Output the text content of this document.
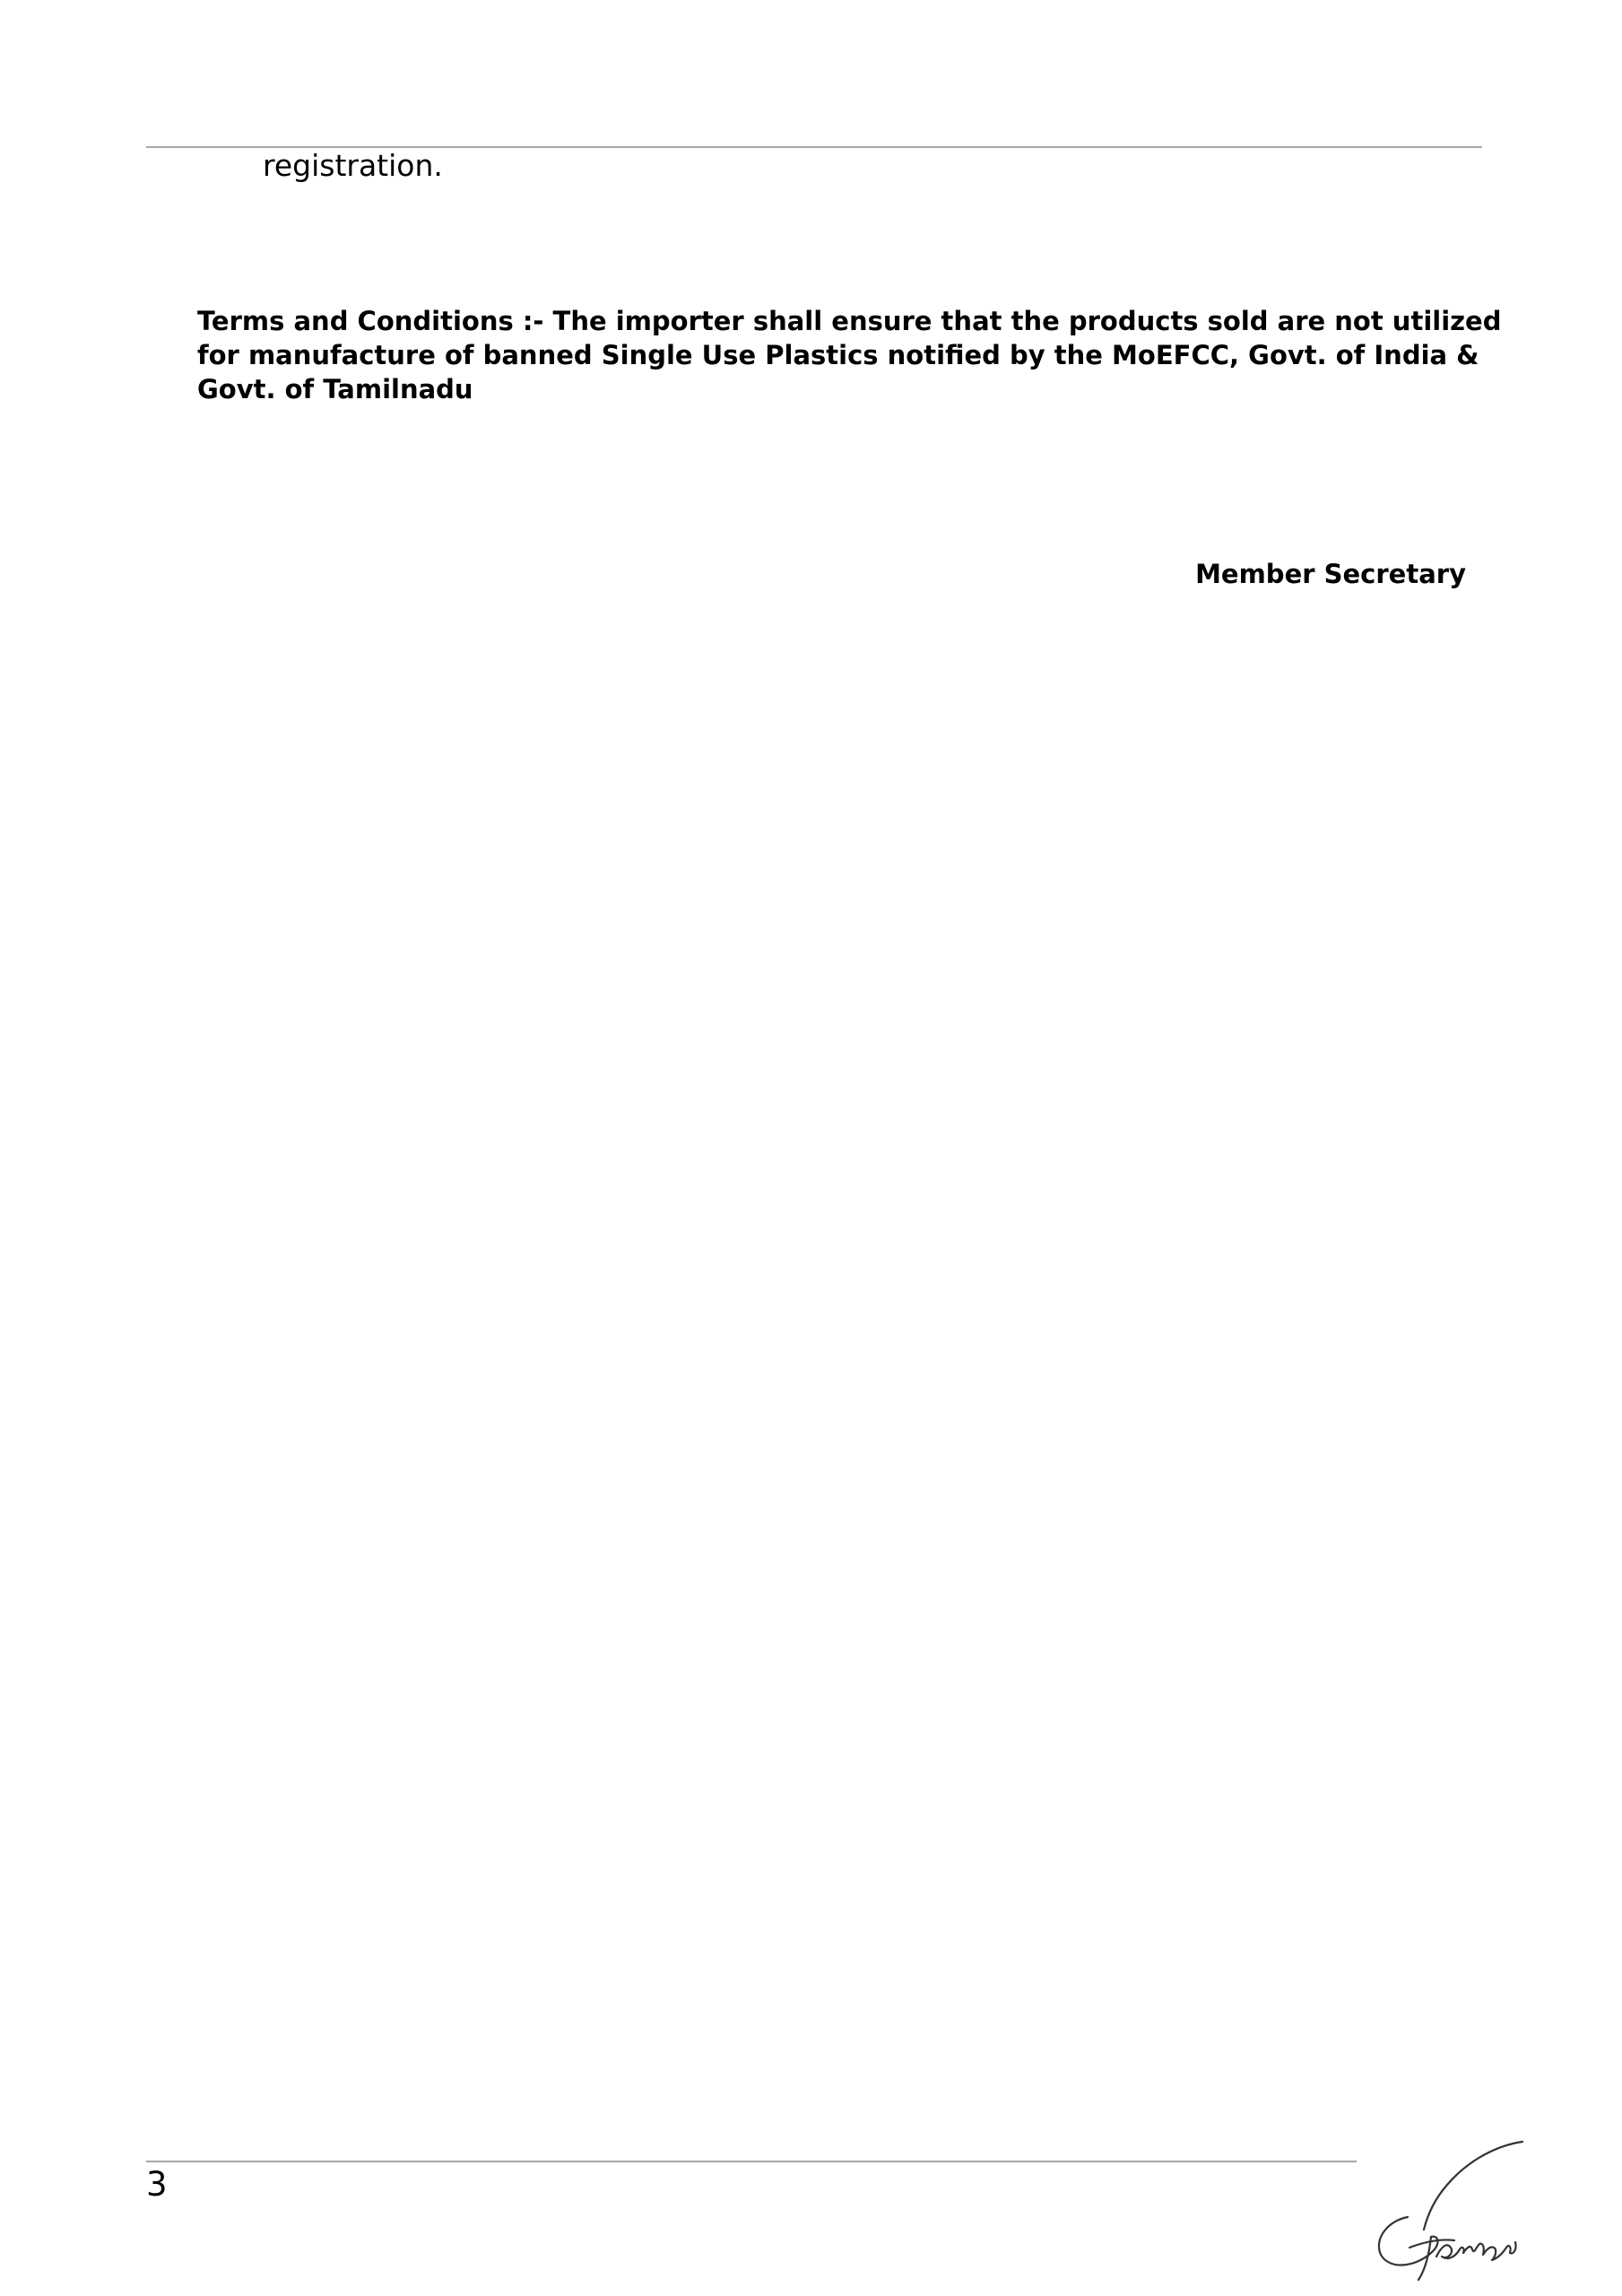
registration.

Terms and Conditions :- The importer shall ensure that the products sold are not utilized for manufacture of banned Single Use Plastics notified by the MoEFCC, Govt. of India & Govt. of Tamilnadu

Member Secretary
3
